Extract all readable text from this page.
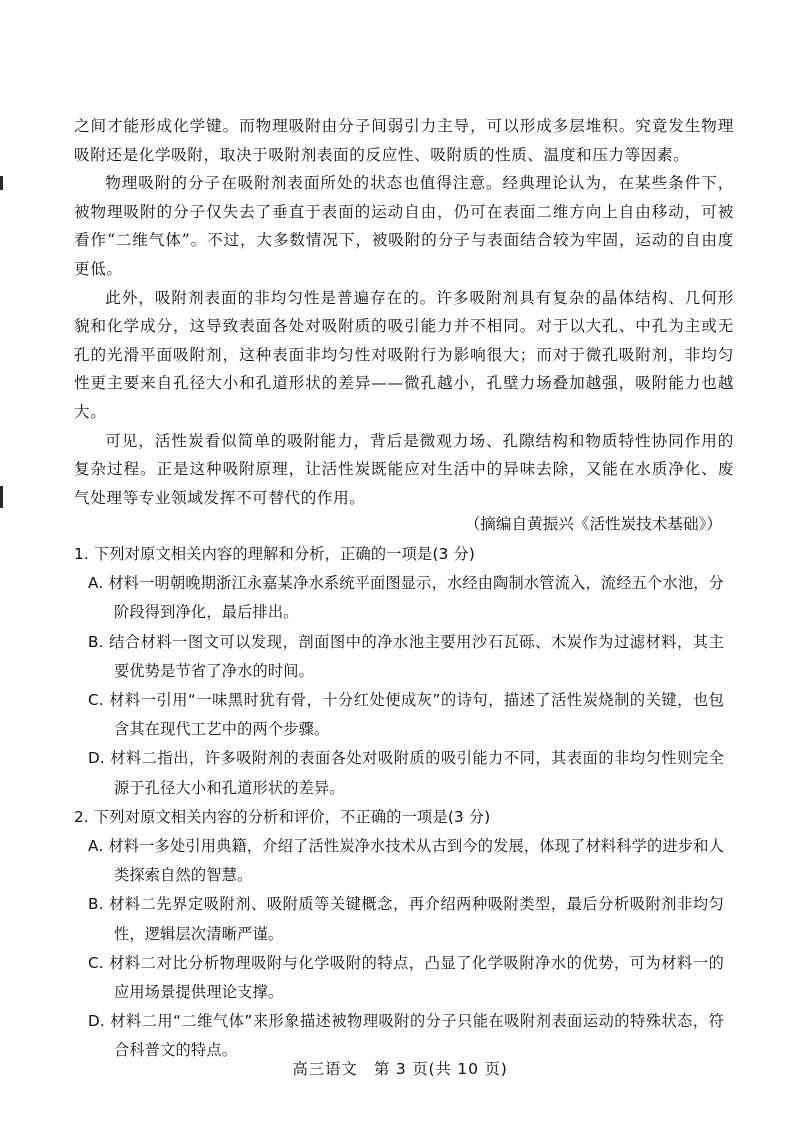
之间才能形成化学键。而物理吸附由分子间弱引力主导，可以形成多层堆积。究竟发生物理吸附还是化学吸附，取决于吸附剂表面的反应性、吸附质的性质、温度和压力等因素。

物理吸附的分子在吸附剂表面所处的状态也值得注意。经典理论认为，在某些条件下，被物理吸附的分子仅失去了垂直于表面的运动自由，仍可在表面二维方向上自由移动，可被看作“二维气体”。不过，大多数情况下，被吸附的分子与表面结合较为牢固，运动的自由度更低。

此外，吸附剂表面的非均匀性是普遍存在的。许多吸附剂具有复杂的晶体结构、几何形貌和化学成分，这导致表面各处对吸附质的吸引能力并不相同。对于以大孔、中孔为主或无孔的光滑平面吸附剂，这种表面非均匀性对吸附行为影响很大；而对于微孔吸附剂，非均匀性更主要来自孔径大小和孔道形状的差异——微孔越小，孔壁力场叠加越强，吸附能力也越大。

可见，活性炭看似简单的吸附能力，背后是微观力场、孔隙结构和物质特性协同作用的复杂过程。正是这种吸附原理，让活性炭既能应对生活中的异味去除，又能在水质净化、废气处理等专业领域发挥不可替代的作用。

（摘编自黄振兴《活性炭技术基础》）

1. 下列对原文相关内容的理解和分析，正确的一项是(3 分)

A. 材料一明朝晚期浙江永嘉某净水系统平面图显示，水经由陶制水管流入，流经五个水池，分阶段得到净化，最后排出。

B. 结合材料一图文可以发现，剖面图中的净水池主要用沙石瓦砾、木炭作为过滤材料，其主要优势是节省了净水的时间。

C. 材料一引用“一味黑时犹有骨，十分红处便成灰”的诗句，描述了活性炭烧制的关键，也包含其在现代工艺中的两个步骤。

D. 材料二指出，许多吸附剂的表面各处对吸附质的吸引能力不同，其表面的非均匀性则完全源于孔径大小和孔道形状的差异。

2. 下列对原文相关内容的分析和评价，不正确的一项是(3 分)

A. 材料一多处引用典籍，介绍了活性炭净水技术从古到今的发展，体现了材料科学的进步和人类探索自然的智慧。

B. 材料二先界定吸附剂、吸附质等关键概念，再介绍两种吸附类型，最后分析吸附剂非均匀性，逻辑层次清晰严谨。

C. 材料二对比分析物理吸附与化学吸附的特点，凸显了化学吸附净水的优势，可为材料一的应用场景提供理论支撑。

D. 材料二用“二维气体”来形象描述被物理吸附的分子只能在吸附剂表面运动的特殊状态，符合科普文的特点。

高三语文　第 3 页(共 10 页)
